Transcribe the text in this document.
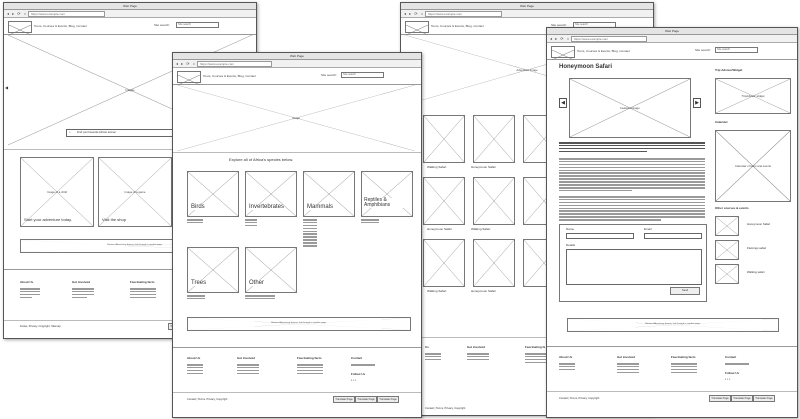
Web Page
◂ ▸ ⟳ ⌂	https://www.example.com
Tours, Courses & Events, Blog, Contact	Site search:	Site search
Images
◀
⌕ Find your favourite African animal
Image of a child
Start your adventure today.
Image of a game
Visit the shop
Banner. Advertising banner, link through to another page.
About Us	Get involved	Fascinating facts
Footer, Privacy, Copyright, Sitemap
Web Page
◂ ▸ ⟳ ⌂	https://www.example.com
Tours, Courses & Events, Blog, Contact	Site search:	Site search
Adventure Image
Walking Safari	Honeymoon Safari
Honeymoon Safari	Walking Safari
Walking Safari	Honeymoon Safari
Us	Get involved	Fascinating fa
Contact | Terms, Privacy, Copyright
Web Page
◂ ▸ ⟳ ⌂	https://www.example.com
Tours, Courses & Events, Blog, Contact	Site search:	Site search
Image
Explore all of Africa's species below.
Birds	Invertebrates	Mammals
Reptiles & Amphibians
Trees	Other
Banner. Advertising banner, link through to another page.
About Us	Get involved	Fascinating facts	Contact
Follow Us
▪▪▪
Contact | Terms, Privacy, Copyright	Translate Page	Translate Page	Translate Page
Web Page
◂ ▸ ⟳ ⌂	https://www.example.com
Tours, Courses & Events, Blog, Contact	Site search:	Site search
Honeymoon Safari
◀
Featured image
▶
Name	Email
Details
Send
Trip AdvisorWidget
TripAdvisor widget
Calender
Calendar of tours and events
Other courses & events
Honeymoon Safari
Flamingo safari
Walking safari
Banner. Advertising banner, link through to another page.
About Us	Get involved	Fascinating facts	Contact
Follow Us
▪▪▪
Contact | Terms, Privacy, Copyright	Translate Page	Translate Page	Translate Page
